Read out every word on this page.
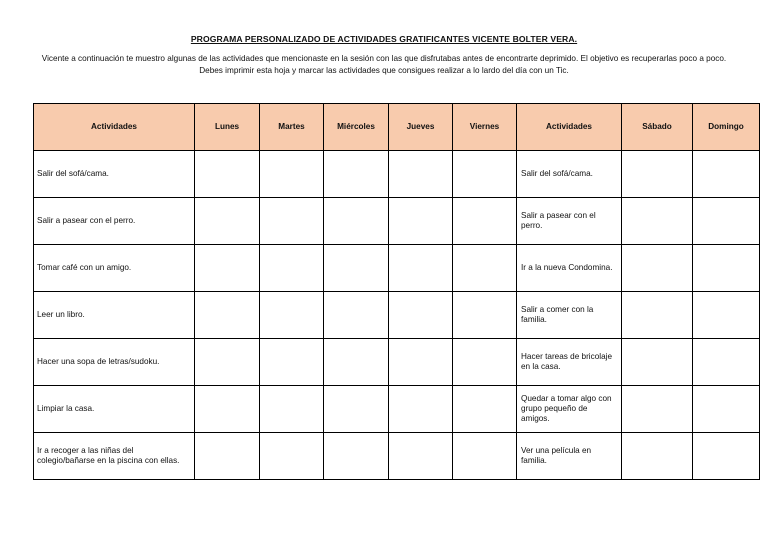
PROGRAMA PERSONALIZADO DE ACTIVIDADES GRATIFICANTES VICENTE BOLTER VERA.
Vicente a continuación te muestro algunas de las actividades que mencionaste en la sesión con las que disfrutabas antes de encontrarte deprimido. El objetivo es recuperarlas poco a poco. Debes imprimir esta hoja y marcar las actividades que consigues realizar a lo lardo del día con un Tic.
Actividades	Lunes	Martes	Miércoles	Jueves	Viernes	Actividades	Sábado	Domingo
Salir del sofá/cama.						Salir del sofá/cama.		
Salir a pasear con el perro.						Salir a pasear con el perro.		
Tomar café con un amigo.						Ir a la nueva Condomina.		
Leer un libro.						Salir a comer con la familia.		
Hacer una sopa de letras/sudoku.						Hacer tareas de bricolaje en la casa.		
Limpiar la casa.						Quedar a tomar algo con grupo pequeño de amigos.		
Ir a recoger a las niñas del colegio/bañarse en la piscina con ellas.						Ver una película en familia.		
